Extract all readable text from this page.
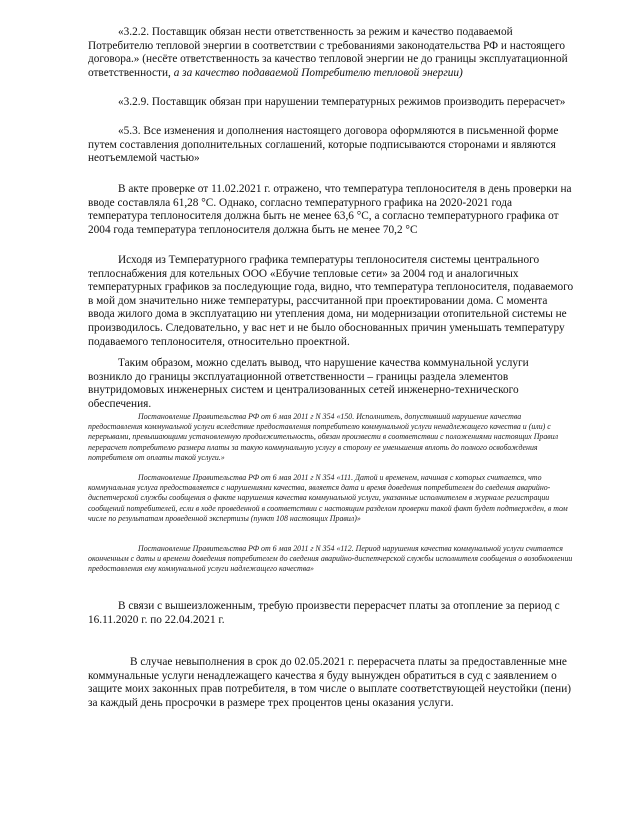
«3.2.2. Поставщик обязан нести ответственность за режим и качество подаваемой Потребителю тепловой энергии в соответствии с требованиями законодательства РФ и настоящего договора.» (несёте ответственность за качество тепловой энергии не до границы эксплуатационной ответственности, а за качество подаваемой Потребителю тепловой энергии)

«3.2.9. Поставщик обязан при нарушении температурных режимов производить перерасчет»

«5.3. Все изменения и дополнения настоящего договора оформляются в письменной форме путем составления дополнительных соглашений, которые подписываются сторонами и являются неотъемлемой частью»

В акте проверке от 11.02.2021 г. отражено, что температура теплоносителя в день проверки на вводе составляла 61,28 °С. Однако, согласно температурного графика на 2020-2021 года температура теплоносителя должна быть не менее 63,6 °С, а согласно температурного графика от 2004 года температура теплоносителя должна быть не менее 70,2 °С

Исходя из Температурного графика температуры теплоносителя системы центрального теплоснабжения для котельных ООО «Ебучие тепловые сети» за 2004 год и аналогичных температурных графиков за последующие года, видно, что температура теплоносителя, подаваемого в мой дом значительно ниже температуры, рассчитанной при проектировании дома. С момента ввода жилого дома в эксплуатацию ни утепления дома, ни модернизации отопительной системы не производилось. Следовательно, у вас нет и не было обоснованных причин уменьшать температуру подаваемого теплоносителя, относительно проектной.

Таким образом, можно сделать вывод, что нарушение качества коммунальной услуги возникло до границы эксплуатационной ответственности – границы раздела элементов внутридомовых инженерных систем и централизованных сетей инженерно-технического обеспечения.

Постановление Правительства РФ от 6 мая 2011 г N 354 «150. Исполнитель, допустивший нарушение качества предоставления коммунальной услуги вследствие предоставления потребителю коммунальной услуги ненадлежащего качества и (или) с перерывами, превышающими установленную продолжительность, обязан произвести в соответствии с положениями настоящих Правил перерасчет потребителю размера платы за такую коммунальную услугу в сторону ее уменьшения вплоть до полного освобождения потребителя от оплаты такой услуги.»

Постановление Правительства РФ от 6 мая 2011 г N 354 «111. Датой и временем, начиная с которых считается, что коммунальная услуга предоставляется с нарушениями качества, является дата и время доведения потребителем до сведения аварийно-диспетчерской службы сообщения о факте нарушения качества коммунальной услуги, указанные исполнителем в журнале регистрации сообщений потребителей, если в ходе проведенной в соответствии с настоящим разделом проверки такой факт будет подтвержден, в том числе по результатам проведенной экспертизы (пункт 108 настоящих Правил)»

Постановление Правительства РФ от 6 мая 2011 г N 354 «112. Период нарушения качества коммунальной услуги считается оконченным с даты и времени доведения потребителем до сведения аварийно-диспетчерской службы исполнителя сообщения о возобновлении предоставления ему коммунальной услуги надлежащего качества»

В связи с вышеизложенным, требую произвести перерасчет платы за отопление за период с 16.11.2020 г. по 22.04.2021 г.

В случае невыполнения в срок до 02.05.2021 г. перерасчета платы за предоставленные мне коммунальные услуги ненадлежащего качества я буду вынужден обратиться в суд с заявлением о защите моих законных прав потребителя, в том числе о выплате соответствующей неустойки (пени) за каждый день просрочки в размере трех процентов цены оказания услуги.
